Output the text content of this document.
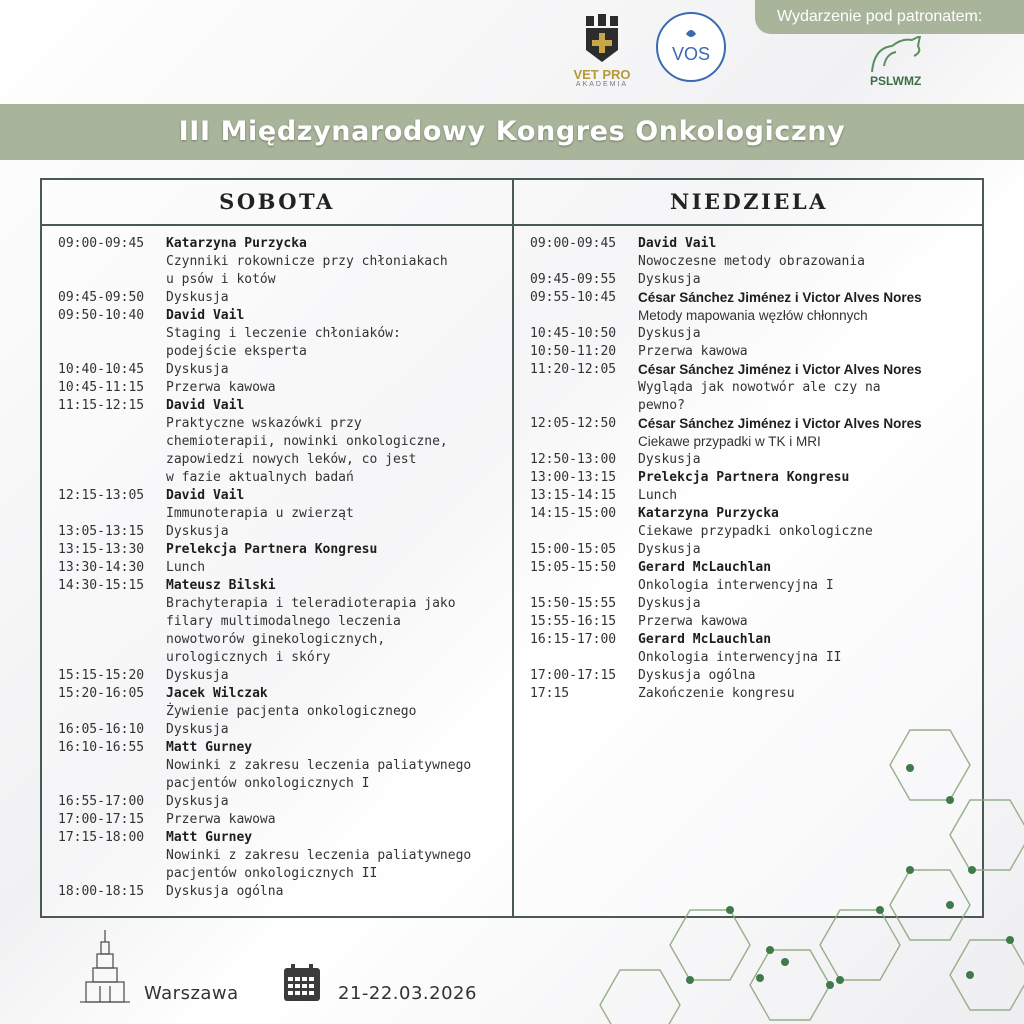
Wydarzenie pod patronatem:
VET PRO
AKADEMIA
VOS
PSLWMZ
III Międzynarodowy Kongres Onkologiczny
SOBOTA	NIEDZIELA
09:00-09:45	Katarzyna Purzycka
Czynniki rokownicze przy chłoniakach
u psów i kotów
09:45-09:50	Dyskusja
09:50-10:40	David Vail
Staging i leczenie chłoniaków:
podejście eksperta
10:40-10:45	Dyskusja
10:45-11:15	Przerwa kawowa
11:15-12:15	David Vail
Praktyczne wskazówki przy
chemioterapii, nowinki onkologiczne,
zapowiedzi nowych leków, co jest
w fazie aktualnych badań
12:15-13:05	David Vail
Immunoterapia u zwierząt
13:05-13:15	Dyskusja
13:15-13:30	Prelekcja Partnera Kongresu
13:30-14:30	Lunch
14:30-15:15	Mateusz Bilski
Brachyterapia i teleradioterapia jako
filary multimodalnego leczenia
nowotworów ginekologicznych,
urologicznych i skóry
15:15-15:20	Dyskusja
15:20-16:05	Jacek Wilczak
Żywienie pacjenta onkologicznego
16:05-16:10	Dyskusja
16:10-16:55	Matt Gurney
Nowinki z zakresu leczenia paliatywnego
pacjentów onkologicznych I
16:55-17:00	Dyskusja
17:00-17:15	Przerwa kawowa
17:15-18:00	Matt Gurney
Nowinki z zakresu leczenia paliatywnego
pacjentów onkologicznych II
18:00-18:15	Dyskusja ogólna
09:00-09:45	David Vail
Nowoczesne metody obrazowania
09:45-09:55	Dyskusja
09:55-10:45	César Sánchez Jiménez i Victor Alves Nores
Metody mapowania węzłów chłonnych
10:45-10:50	Dyskusja
10:50-11:20	Przerwa kawowa
11:20-12:05	César Sánchez Jiménez i Victor Alves Nores
Wygląda jak nowotwór ale czy na
pewno?
12:05-12:50	César Sánchez Jiménez i Victor Alves Nores
Ciekawe przypadki w TK i MRI
12:50-13:00	Dyskusja
13:00-13:15	Prelekcja Partnera Kongresu
13:15-14:15	Lunch
14:15-15:00	Katarzyna Purzycka
Ciekawe przypadki onkologiczne
15:00-15:05	Dyskusja
15:05-15:50	Gerard McLauchlan
Onkologia interwencyjna I
15:50-15:55	Dyskusja
15:55-16:15	Przerwa kawowa
16:15-17:00	Gerard McLauchlan
Onkologia interwencyjna II
17:00-17:15	Dyskusja ogólna
17:15	Zakończenie kongresu
Warszawa	21-22.03.2026
